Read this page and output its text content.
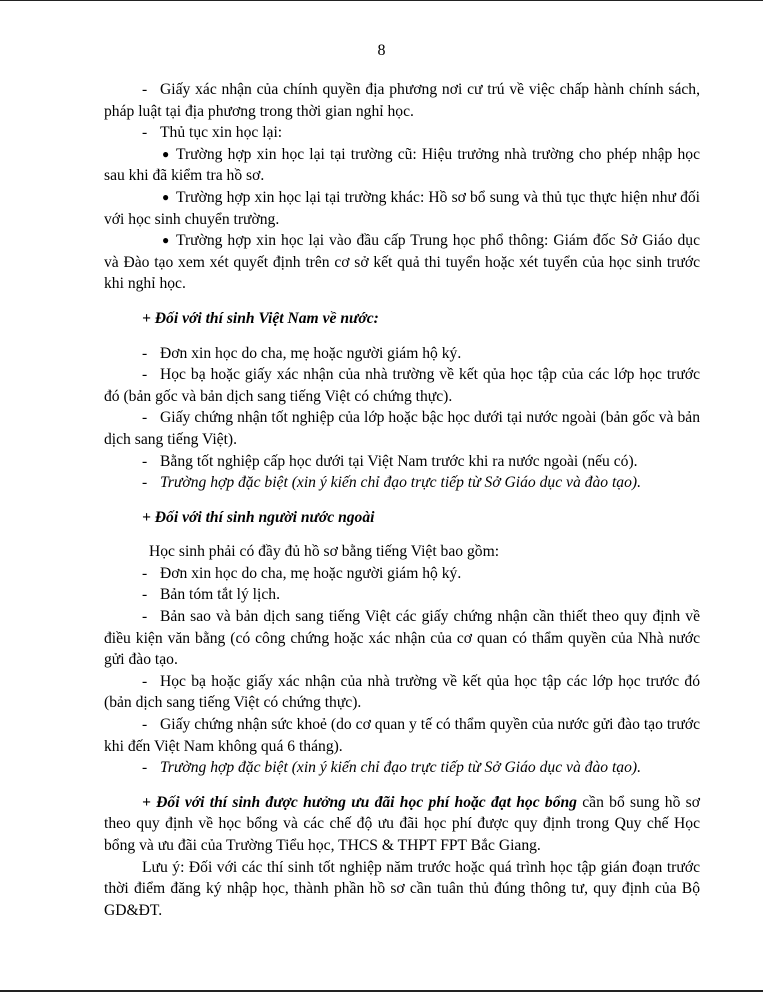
8

- Giấy xác nhận của chính quyền địa phương nơi cư trú về việc chấp hành chính sách, pháp luật tại địa phương trong thời gian nghỉ học.

- Thủ tục xin học lại:

● Trường hợp xin học lại tại trường cũ: Hiệu trưởng nhà trường cho phép nhập học sau khi đã kiểm tra hồ sơ.

● Trường hợp xin học lại tại trường khác: Hồ sơ bổ sung và thủ tục thực hiện như đối với học sinh chuyển trường.

● Trường hợp xin học lại vào đầu cấp Trung học phổ thông: Giám đốc Sở Giáo dục và Đào tạo xem xét quyết định trên cơ sở kết quả thi tuyển hoặc xét tuyển của học sinh trước khi nghỉ học.

+ Đối với thí sinh Việt Nam về nước:

- Đơn xin học do cha, mẹ hoặc người giám hộ ký.

- Học bạ hoặc giấy xác nhận của nhà trường về kết qủa học tập của các lớp học trước đó (bản gốc và bản dịch sang tiếng Việt có chứng thực).

- Giấy chứng nhận tốt nghiệp của lớp hoặc bậc học dưới tại nước ngoài (bản gốc và bản dịch sang tiếng Việt).

- Bằng tốt nghiệp cấp học dưới tại Việt Nam trước khi ra nước ngoài (nếu có).

- Trường hợp đặc biệt (xin ý kiến chỉ đạo trực tiếp từ Sở Giáo dục và đào tạo).

+ Đối với thí sinh người nước ngoài

Học sinh phải có đầy đủ hồ sơ bằng tiếng Việt bao gồm:

- Đơn xin học do cha, mẹ hoặc người giám hộ ký.

- Bản tóm tắt lý lịch.

- Bản sao và bản dịch sang tiếng Việt các giấy chứng nhận cần thiết theo quy định về điều kiện văn bằng (có công chứng hoặc xác nhận của cơ quan có thẩm quyền của Nhà nước gửi đào tạo.

- Học bạ hoặc giấy xác nhận của nhà trường về kết qủa học tập các lớp học trước đó (bản dịch sang tiếng Việt có chứng thực).

- Giấy chứng nhận sức khoẻ (do cơ quan y tế có thẩm quyền của nước gửi đào tạo trước khi đến Việt Nam không quá 6 tháng).

- Trường hợp đặc biệt (xin ý kiến chỉ đạo trực tiếp từ Sở Giáo dục và đào tạo).

+ Đối với thí sinh được hưởng ưu đãi học phí hoặc đạt học bổng cần bổ sung hồ sơ theo quy định về học bổng và các chế độ ưu đãi học phí được quy định trong Quy chế Học bổng và ưu đãi của Trường Tiểu học, THCS & THPT FPT Bắc Giang.

Lưu ý: Đối với các thí sinh tốt nghiệp năm trước hoặc quá trình học tập gián đoạn trước thời điểm đăng ký nhập học, thành phần hồ sơ cần tuân thủ đúng thông tư, quy định của Bộ GD&ĐT.
